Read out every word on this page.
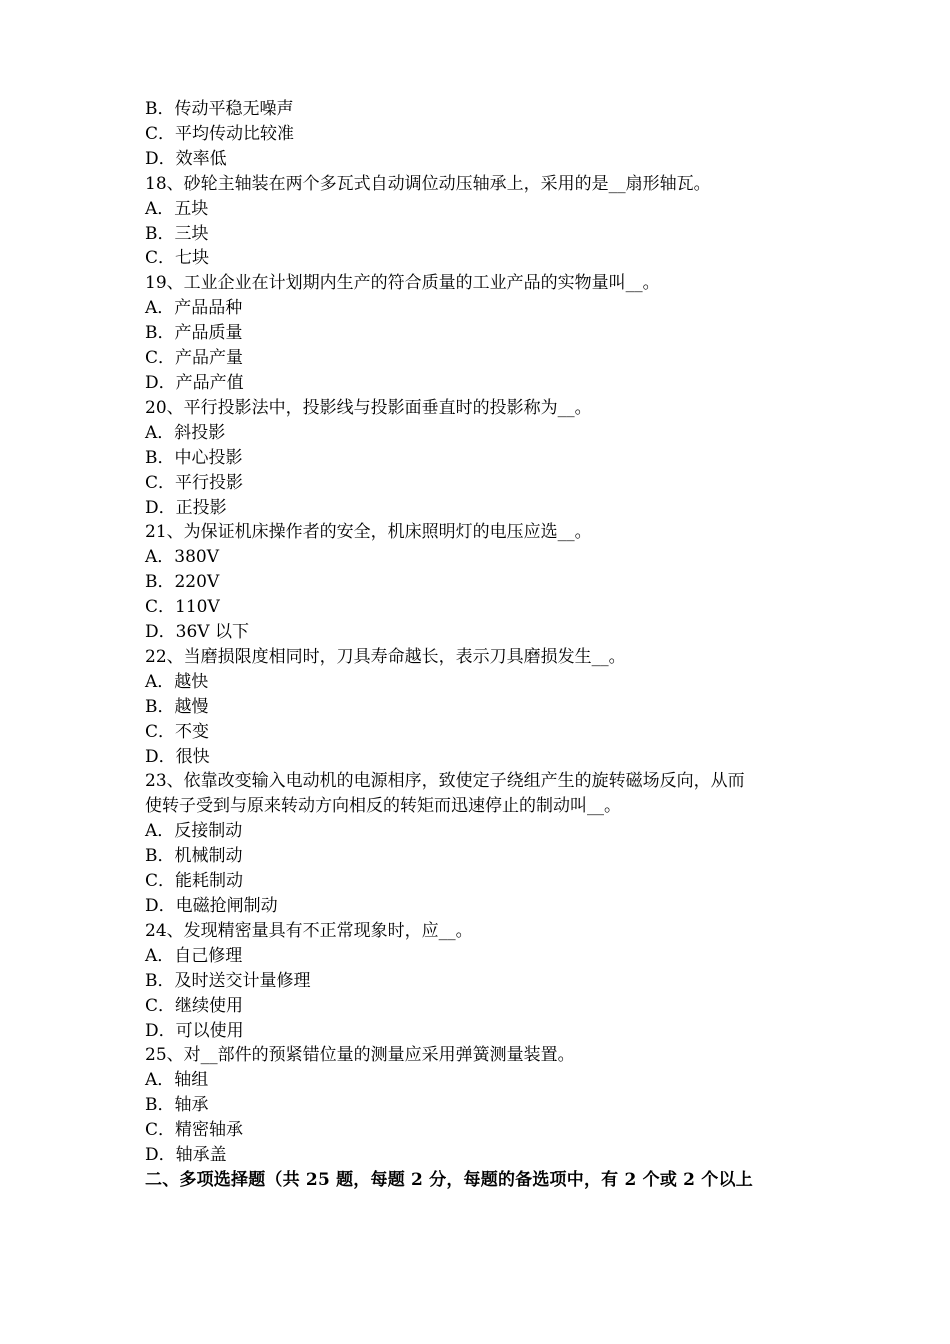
B．传动平稳无噪声
C．平均传动比较准
D．效率低
18、砂轮主轴装在两个多瓦式自动调位动压轴承上，采用的是__扇形轴瓦。
A．五块
B．三块
C．七块
19、工业企业在计划期内生产的符合质量的工业产品的实物量叫__。
A．产品品种
B．产品质量
C．产品产量
D．产品产值
20、平行投影法中，投影线与投影面垂直时的投影称为__。
A．斜投影
B．中心投影
C．平行投影
D．正投影
21、为保证机床操作者的安全，机床照明灯的电压应选__。
A．380V
B．220V
C．110V
D．36V 以下
22、当磨损限度相同时，刀具寿命越长，表示刀具磨损发生__。
A．越快
B．越慢
C．不变
D．很快
23、依靠改变输入电动机的电源相序，致使定子绕组产生的旋转磁场反向，从而
使转子受到与原来转动方向相反的转矩而迅速停止的制动叫__。
A．反接制动
B．机械制动
C．能耗制动
D．电磁抢闸制动
24、发现精密量具有不正常现象时，应__。
A．自己修理
B．及时送交计量修理
C．继续使用
D．可以使用
25、对__部件的预紧错位量的测量应采用弹簧测量装置。
A．轴组
B．轴承
C．精密轴承
D．轴承盖
二、多项选择题（共 25 题，每题 2 分，每题的备选项中，有 2 个或 2 个以上
